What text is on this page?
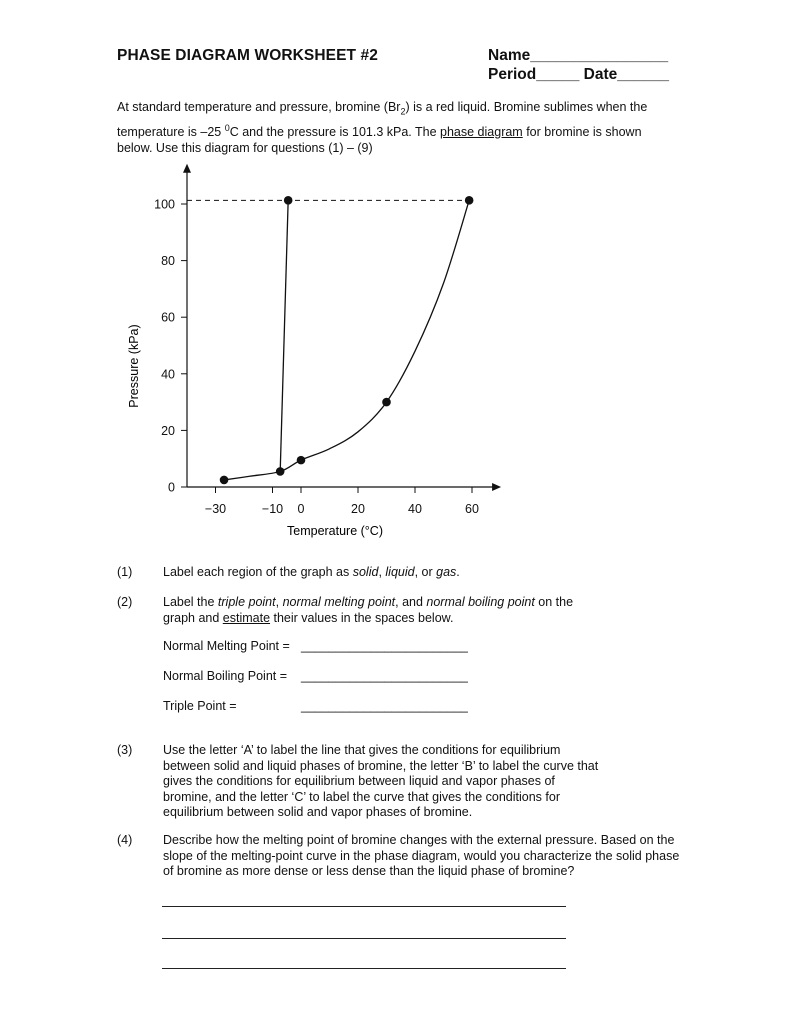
PHASE DIAGRAM WORKSHEET #2	Name________________
Period_____ Date______
At standard temperature and pressure, bromine $(Br_2)$ is a red liquid. Bromine sublimes when the temperature is –25 $^0$C and the pressure is 101.3 kPa. The phase diagram for bromine is shown below. Use this diagram for questions (1) – (9)
−30	−10 0	20	40	60
0
20
40
60
80
100
Temperature (°C)
Pressure (kPa)
(1) Label each region of the graph as solid, liquid, or gas.
(2) Label the triple point, normal melting point, and normal boiling point on the graph and estimate their values in the spaces below.
Normal Melting Point = ________________________
Normal Boiling Point = ________________________
Triple Point =	________________________
(3) Use the letter ‘A’ to label the line that gives the conditions for equilibrium between solid and liquid phases of bromine, the letter ‘B’ to label the curve that gives the conditions for equilibrium between liquid and vapor phases of bromine, and the letter ‘C’ to label the curve that gives the conditions for equilibrium between solid and vapor phases of bromine.
(4) Describe how the melting point of bromine changes with the external pressure. Based on the slope of the melting-point curve in the phase diagram, would you characterize the solid phase of bromine as more dense or less dense than the liquid phase of bromine?
